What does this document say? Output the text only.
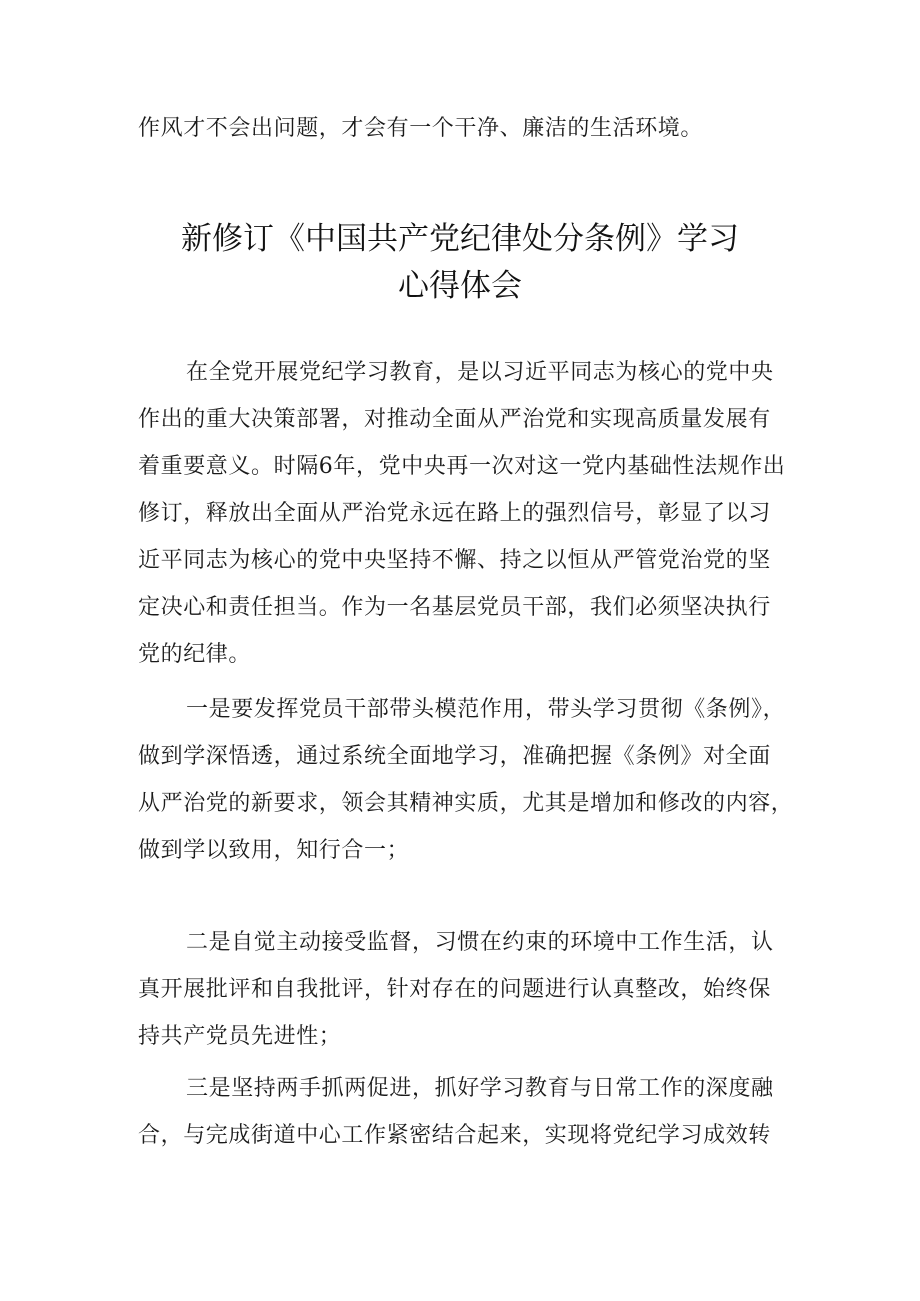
作风才不会出问题，才会有一个干净、廉洁的生活环境。
新修订《中国共产党纪律处分条例》学习
心得体会
在全党开展党纪学习教育，是以习近平同志为核心的党中央
作出的重大决策部署，对推动全面从严治党和实现高质量发展有
着重要意义。时隔6年，党中央再一次对这一党内基础性法规作出
修订，释放出全面从严治党永远在路上的强烈信号，彰显了以习
近平同志为核心的党中央坚持不懈、持之以恒从严管党治党的坚
定决心和责任担当。作为一名基层党员干部，我们必须坚决执行
党的纪律。
一是要发挥党员干部带头模范作用，带头学习贯彻《条例》，
做到学深悟透，通过系统全面地学习，准确把握《条例》对全面
从严治党的新要求，领会其精神实质，尤其是增加和修改的内容，
做到学以致用，知行合一；
二是自觉主动接受监督，习惯在约束的环境中工作生活，认
真开展批评和自我批评，针对存在的问题进行认真整改，始终保
持共产党员先进性；
三是坚持两手抓两促进，抓好学习教育与日常工作的深度融
合，与完成街道中心工作紧密结合起来，实现将党纪学习成效转
